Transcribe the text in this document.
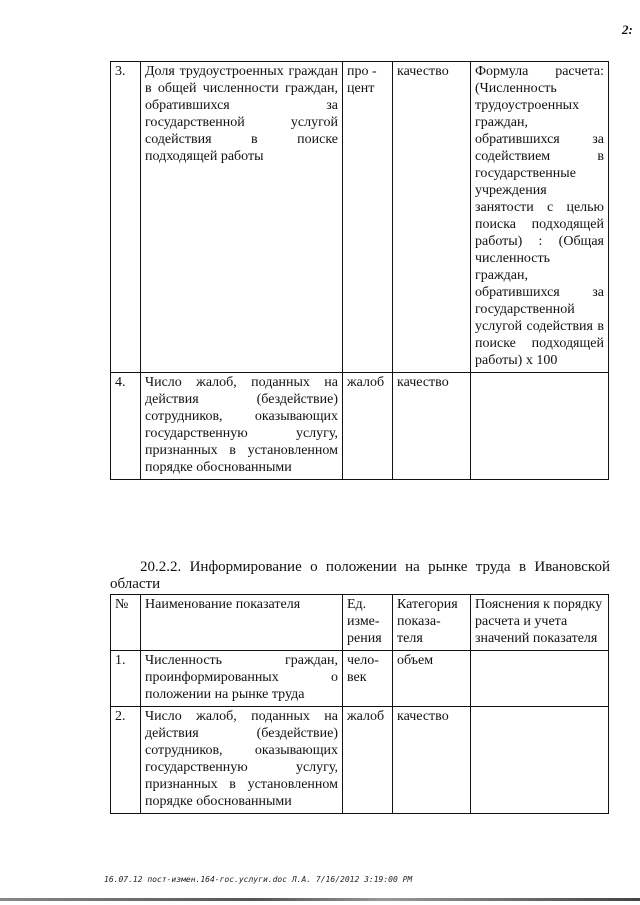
2:
3.	Доля трудоустроенных граждан в общей численности граждан, обратившихся за государственной услугой содействия в поиске подходящей работы	про - цент	качество	Формула расчета: (Численность трудоустроенных граждан, обратившихся за содействием в государственные учреждения занятости с целью поиска подходящей работы) : (Общая численность граждан, обратившихся за государственной услугой содействия в поиске подходящей работы) х 100
4.	Число жалоб, поданных на действия (бездействие) сотрудников, оказывающих государственную услугу, признанных в установленном порядке обоснованными	жалоб	качество	
20.2.2. Информирование о положении на рынке труда в Ивановской области
№	Наименование показателя	Ед. изме- рения	Категория показа- теля	Пояснения к порядку расчета и учета значений показателя
1.	Численность граждан, проинформированных о положении на рынке труда	чело- век	объем	
2.	Число жалоб, поданных на действия (бездействие) сотрудников, оказывающих государственную услугу, признанных в установленном порядке обоснованными	жалоб	качество	
16.07.12 пост-измен.164-гос.услуги.doc Л.А. 7/16/2012 3:19:00 PM
